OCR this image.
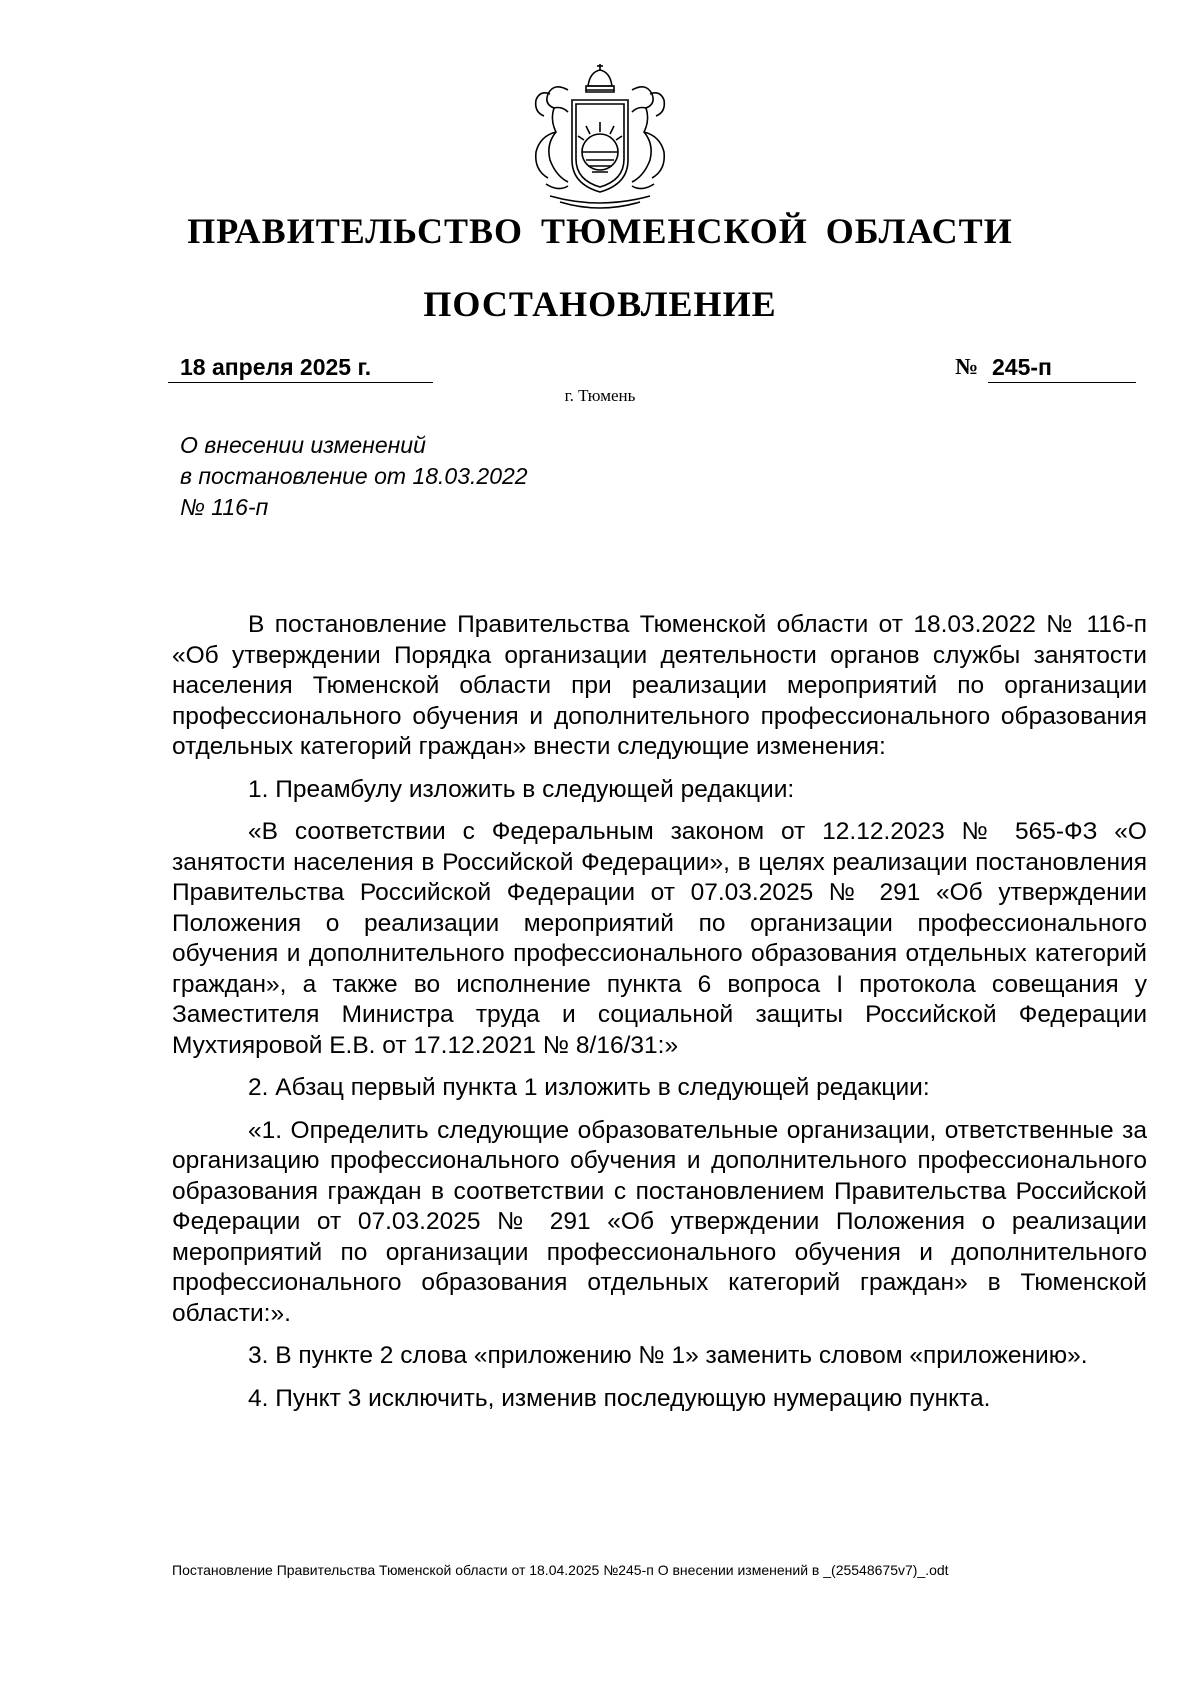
ПРАВИТЕЛЬСТВО ТЮМЕНСКОЙ ОБЛАСТИ
ПОСТАНОВЛЕНИЕ
18 апреля 2025 г.	№ 245-п
г. Тюмень
О внесении изменений
в постановление от 18.03.2022
№ 116-п

В постановление Правительства Тюменской области от 18.03.2022 № 116-п «Об утверждении Порядка организации деятельности органов службы занятости населения Тюменской области при реализации мероприятий по организации профессионального обучения и дополнительного профессионального образования отдельных категорий граждан» внести следующие изменения:

1. Преамбулу изложить в следующей редакции:

«В соответствии с Федеральным законом от 12.12.2023 № 565-ФЗ «О занятости населения в Российской Федерации», в целях реализации постановления Правительства Российской Федерации от 07.03.2025 № 291 «Об утверждении Положения о реализации мероприятий по организации профессионального обучения и дополнительного профессионального образования отдельных категорий граждан», а также во исполнение пункта 6 вопроса I протокола совещания у Заместителя Министра труда и социальной защиты Российской Федерации Мухтияровой Е.В. от 17.12.2021 № 8/16/31:»

2. Абзац первый пункта 1 изложить в следующей редакции:

«1. Определить следующие образовательные организации, ответственные за организацию профессионального обучения и дополнительного профессионального образования граждан в соответствии с постановлением Правительства Российской Федерации от 07.03.2025 № 291 «Об утверждении Положения о реализации мероприятий по организации профессионального обучения и дополнительного профессионального образования отдельных категорий граждан» в Тюменской области:».

3. В пункте 2 слова «приложению № 1» заменить словом «приложению».

4. Пункт 3 исключить, изменив последующую нумерацию пункта.

Постановление Правительства Тюменской области от 18.04.2025 №245-п О внесении изменений в _(25548675v7)_.odt
